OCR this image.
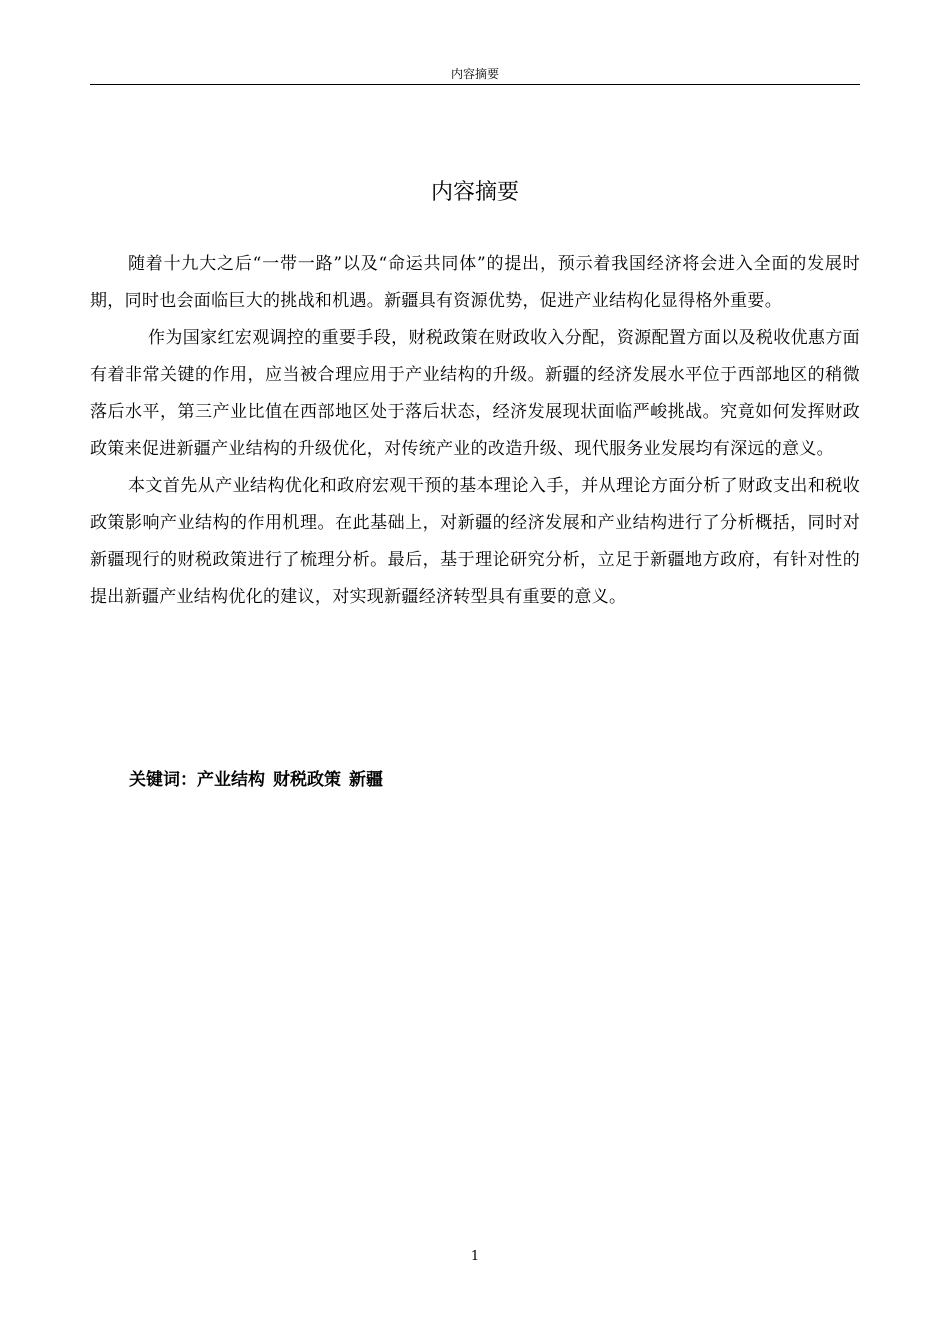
内容摘要
内容摘要

随着十九大之后“一带一路”以及“命运共同体”的提出，预示着我国经济将会进入全面的发展时期，同时也会面临巨大的挑战和机遇。新疆具有资源优势，促进产业结构化显得格外重要。

作为国家红宏观调控的重要手段，财税政策在财政收入分配，资源配置方面以及税收优惠方面有着非常关键的作用，应当被合理应用于产业结构的升级。新疆的经济发展水平位于西部地区的稍微落后水平，第三产业比值在西部地区处于落后状态，经济发展现状面临严峻挑战。究竟如何发挥财政政策来促进新疆产业结构的升级优化，对传统产业的改造升级、现代服务业发展均有深远的意义。

本文首先从产业结构优化和政府宏观干预的基本理论入手，并从理论方面分析了财政支出和税收政策影响产业结构的作用机理。在此基础上，对新疆的经济发展和产业结构进行了分析概括，同时对新疆现行的财税政策进行了梳理分析。最后，基于理论研究分析，立足于新疆地方政府，有针对性的提出新疆产业结构优化的建议，对实现新疆经济转型具有重要的意义。

关键词：产业结构 财税政策 新疆
1
